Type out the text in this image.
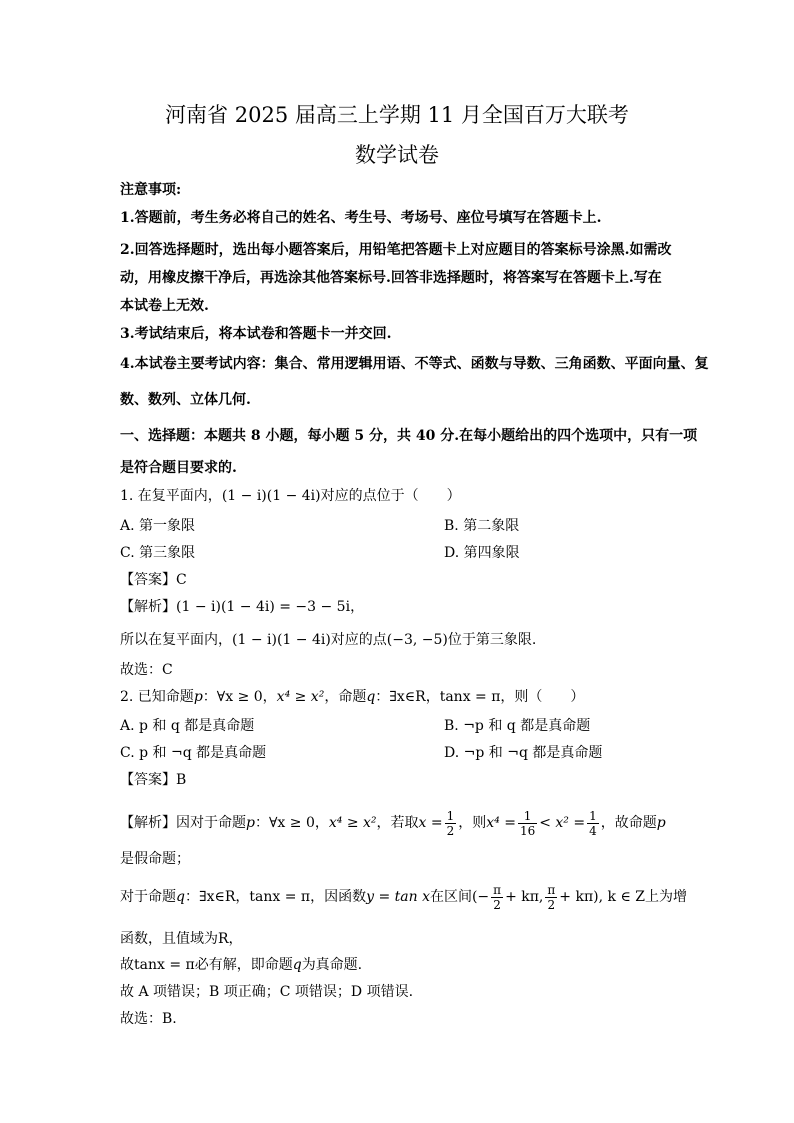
河南省 2025 届高三上学期 11 月全国百万大联考
数学试卷
注意事项:
1.答题前，考生务必将自己的姓名、考生号、考场号、座位号填写在答题卡上.
2.回答选择题时，选出每小题答案后，用铅笔把答题卡上对应题目的答案标号涂黑.如需改
动，用橡皮擦干净后，再选涂其他答案标号.回答非选择题时，将答案写在答题卡上.写在
本试卷上无效.
3.考试结束后，将本试卷和答题卡一并交回.
4.本试卷主要考试内容：集合、常用逻辑用语、不等式、函数与导数、三角函数、平面向量、复
数、数列、立体几何.
一、选择题：本题共 8 小题，每小题 5 分，共 40 分.在每小题给出的四个选项中，只有一项
是符合题目要求的.
1. 在复平面内，(1 − i)(1 − 4i)对应的点位于（　　）
A. 第一象限	B. 第二象限
C. 第三象限	D. 第四象限
【答案】C
【解析】(1 − i)(1 − 4i) = −3 − 5i，
所以在复平面内，(1 − i)(1 − 4i)对应的点(−3, −5)位于第三象限.
故选：C
2. 已知命题p：∀x ≥ 0，x⁴ ≥ x²，命题q：∃x∈R，tanx = π，则（　　）
A. p 和 q 都是真命题	B. ¬p 和 q 都是真命题
C. p 和 ¬q 都是真命题	D. ¬p 和 ¬q 都是真命题
【答案】B
【解析】因对于命题p：∀x ≥ 0，x⁴ ≥ x²，若取$x = \frac{1}{2}$ ，则$x^4 = \frac{1}{16} < x^2 = \frac{1}{4}$ ，故命题p
是假命题；
对于命题q：∃x∈R，tanx = π，因函数y = tan x在区间(− $\frac{\pi}{2} + k\pi$, $\frac{\pi}{2} + k\pi$), k ∈ Z上为增
函数，且值域为R，
故tanx = π必有解，即命题q为真命题.
故 A 项错误；B 项正确；C 项错误；D 项错误.
故选：B.
